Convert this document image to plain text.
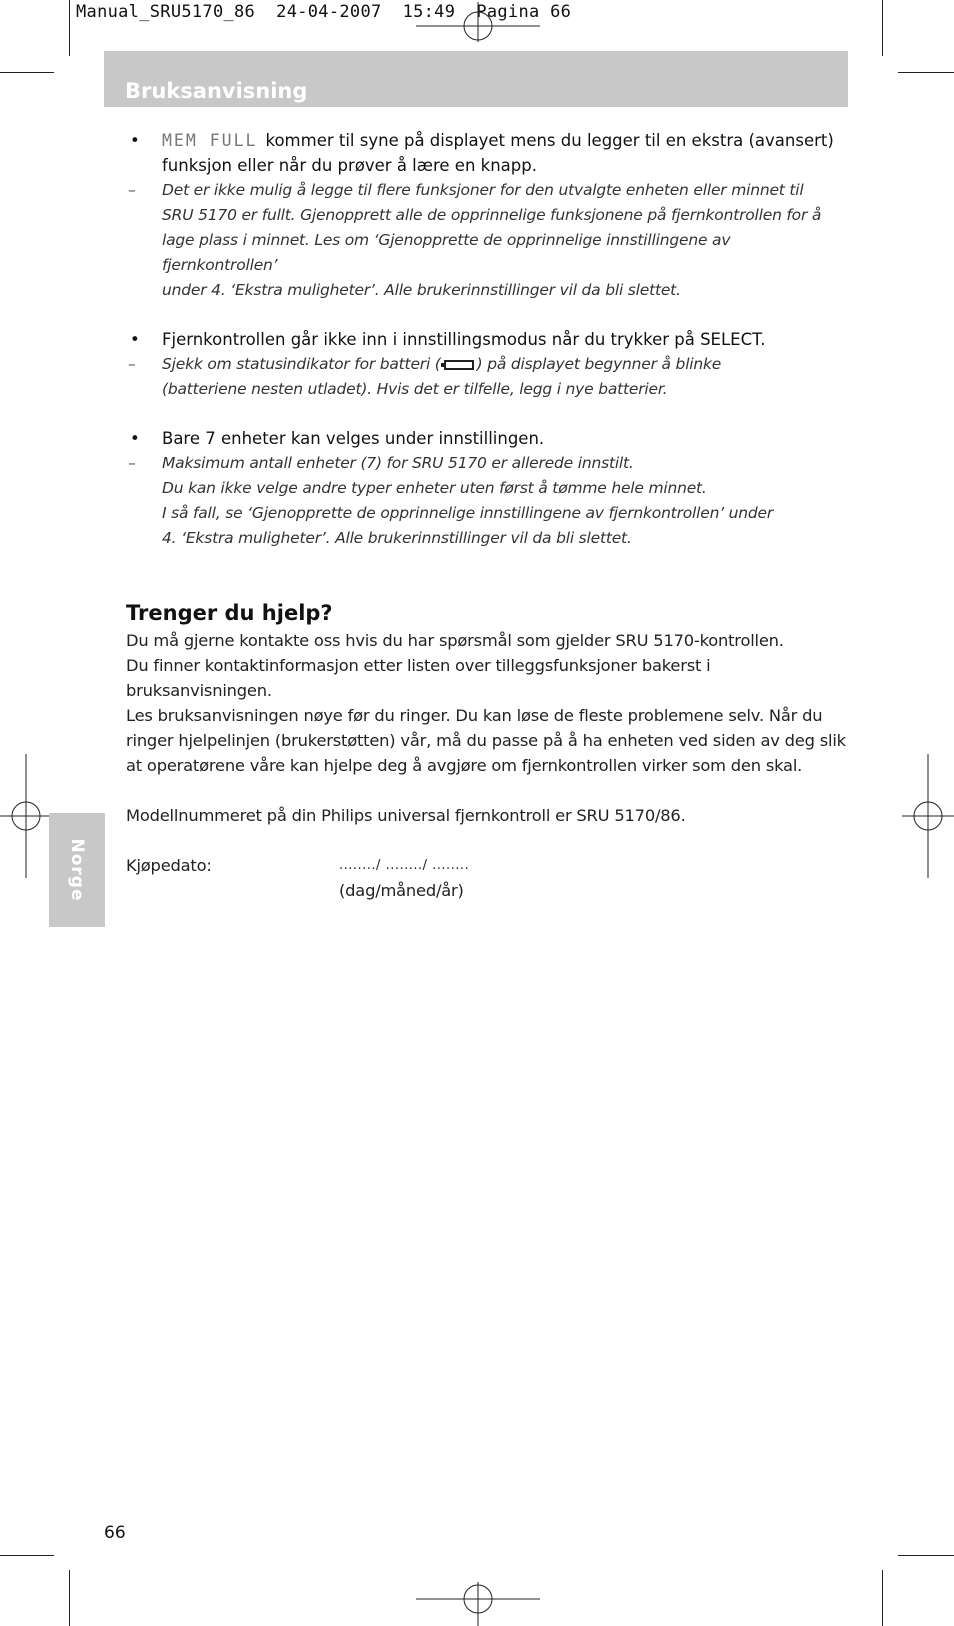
Manual_SRU5170_86  24-04-2007  15:49  Pagina 66
Bruksanvisning
• MEM FULL kommer til syne på displayet mens du legger til en ekstra (avansert) funksjon eller når du prøver å lære en knapp.
– Det er ikke mulig å legge til flere funksjoner for den utvalgte enheten eller minnet til
SRU 5170 er fullt. Gjenopprett alle de opprinnelige funksjonene på fjernkontrollen for å
lage plass i minnet. Les om ‘Gjenopprette de opprinnelige innstillingene av fjernkontrollen’
under 4. ‘Ekstra muligheter’. Alle brukerinnstillinger vil da bli slettet.
• Fjernkontrollen går ikke inn i innstillingsmodus når du trykker på SELECT.
– Sjekk om statusindikator for batteri ( ) på displayet begynner å blinke
(batteriene nesten utladet). Hvis det er tilfelle, legg i nye batterier.
• Bare 7 enheter kan velges under innstillingen.
– Maksimum antall enheter (7) for SRU 5170 er allerede innstilt.
Du kan ikke velge andre typer enheter uten først å tømme hele minnet.
I så fall, se ‘Gjenopprette de opprinnelige innstillingene av fjernkontrollen’ under
4. ‘Ekstra muligheter’. Alle brukerinnstillinger vil da bli slettet.
Trenger du hjelp?
Du må gjerne kontakte oss hvis du har spørsmål som gjelder SRU 5170-kontrollen.
Du finner kontaktinformasjon etter listen over tilleggsfunksjoner bakerst i bruksanvisningen.
Les bruksanvisningen nøye før du ringer. Du kan løse de fleste problemene selv. Når du
ringer hjelpelinjen (brukerstøtten) vår, må du passe på å ha enheten ved siden av deg slik
at operatørene våre kan hjelpe deg å avgjøre om fjernkontrollen virker som den skal.
Modellnummeret på din Philips universal fjernkontroll er SRU 5170/86.
Kjøpedato:	......../ ......../ ........
(dag/måned/år)
Norge
66
